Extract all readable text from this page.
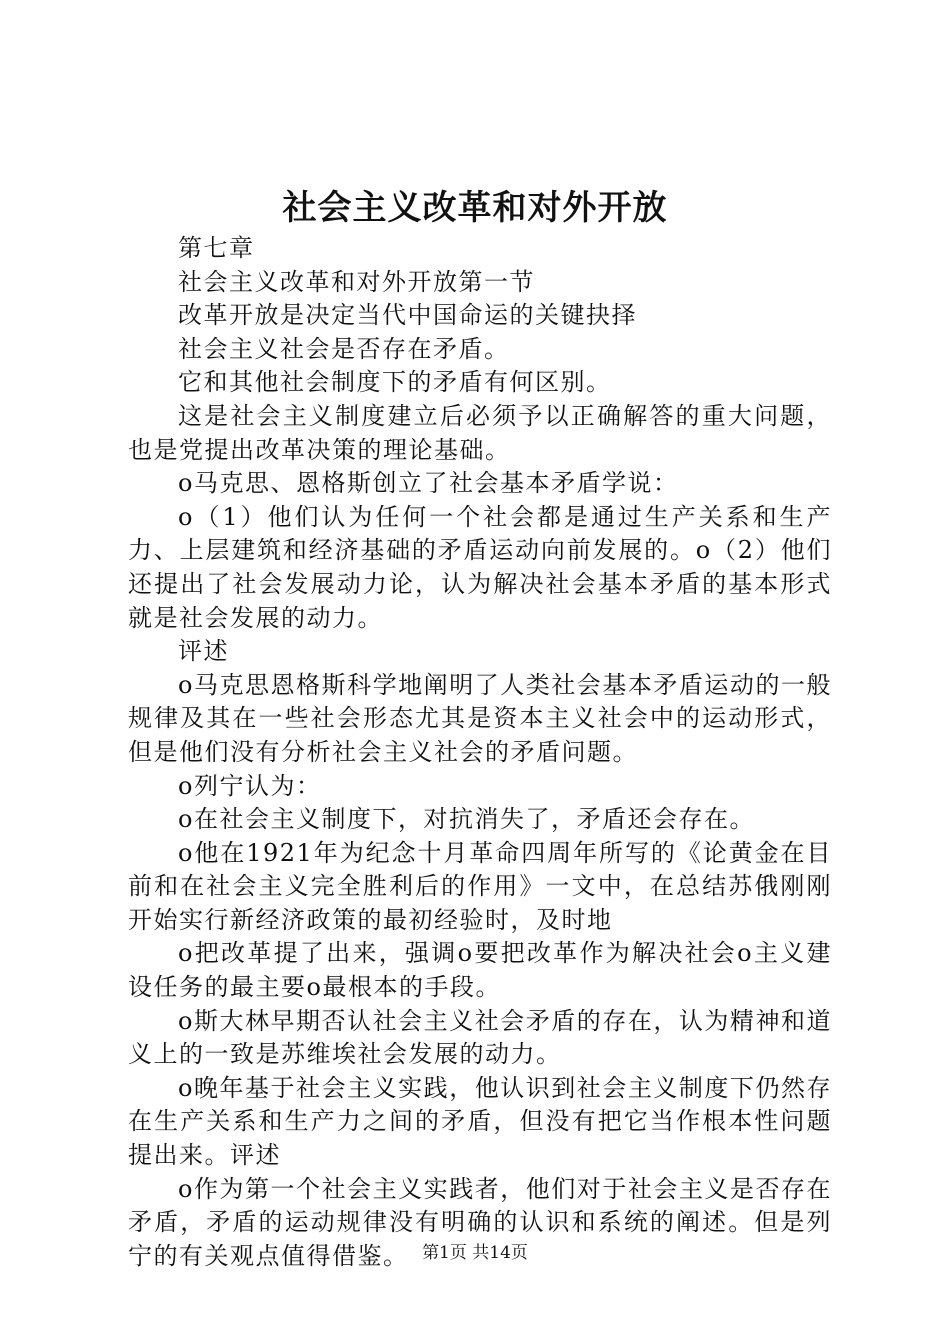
社会主义改革和对外开放

第七章

社会主义改革和对外开放第一节

改革开放是决定当代中国命运的关键抉择

社会主义社会是否存在矛盾。

它和其他社会制度下的矛盾有何区别。

这是社会主义制度建立后必须予以正确解答的重大问题，也是党提出改革决策的理论基础。

o马克思、恩格斯创立了社会基本矛盾学说：

o（1）他们认为任何一个社会都是通过生产关系和生产力、上层建筑和经济基础的矛盾运动向前发展的。o（2）他们还提出了社会发展动力论，认为解决社会基本矛盾的基本形式就是社会发展的动力。

评述

o马克思恩格斯科学地阐明了人类社会基本矛盾运动的一般规律及其在一些社会形态尤其是资本主义社会中的运动形式，但是他们没有分析社会主义社会的矛盾问题。

o列宁认为：

o在社会主义制度下，对抗消失了，矛盾还会存在。

o他在1921年为纪念十月革命四周年所写的《论黄金在目前和在社会主义完全胜利后的作用》一文中，在总结苏俄刚刚开始实行新经济政策的最初经验时，及时地

o把改革提了出来，强调o要把改革作为解决社会o主义建设任务的最主要o最根本的手段。

o斯大林早期否认社会主义社会矛盾的存在，认为精神和道义上的一致是苏维埃社会发展的动力。

o晚年基于社会主义实践，他认识到社会主义制度下仍然存在生产关系和生产力之间的矛盾，但没有把它当作根本性问题提出来。评述

o作为第一个社会主义实践者，他们对于社会主义是否存在矛盾，矛盾的运动规律没有明确的认识和系统的阐述。但是列宁的有关观点值得借鉴。 第1页 共14页
